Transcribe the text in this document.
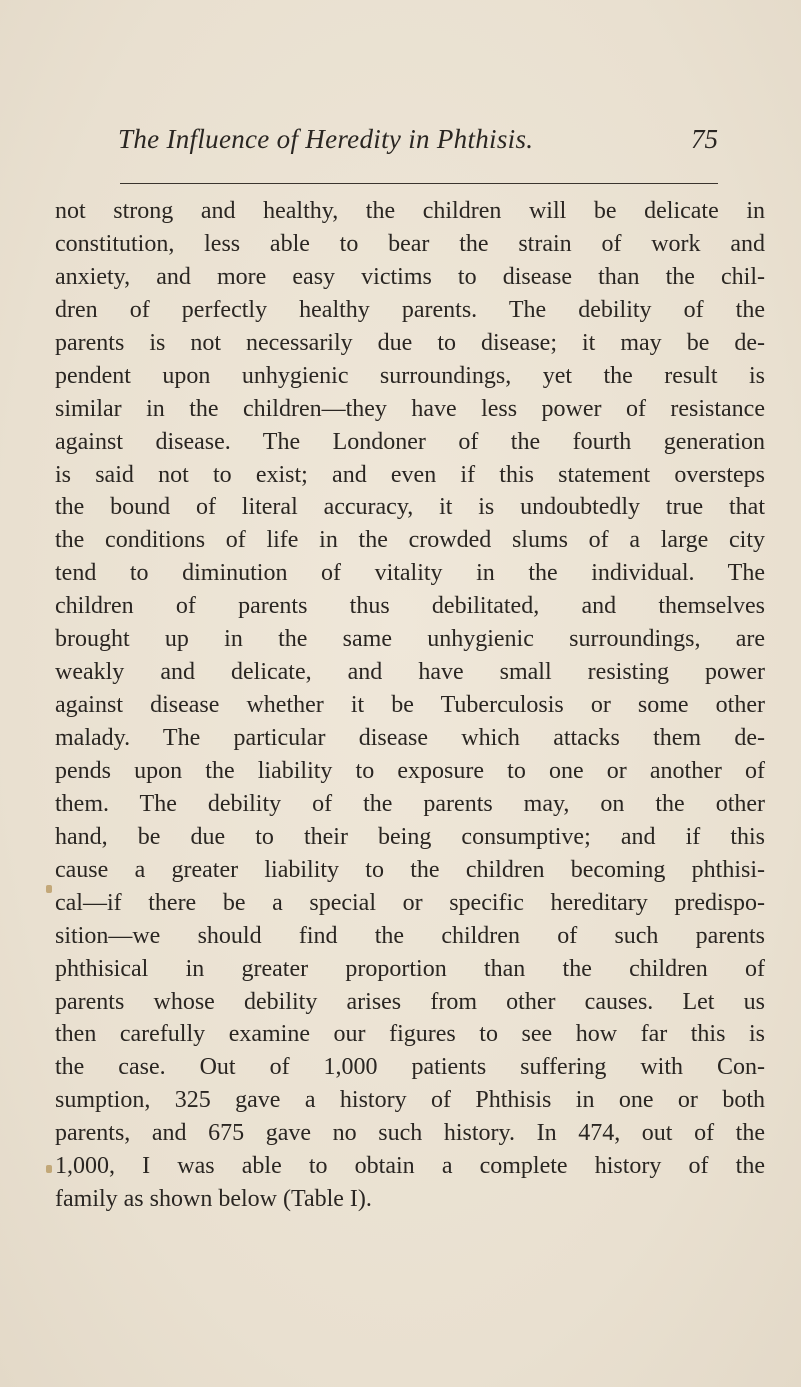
The Influence of Heredity in Phthisis.	75
not strong and healthy, the children will be delicate in
constitution, less able to bear the strain of work and
anxiety, and more easy victims to disease than the chil-
dren of perfectly healthy parents. The debility of the
parents is not necessarily due to disease; it may be de-
pendent upon unhygienic surroundings, yet the result is
similar in the children—they have less power of resistance
against disease. The Londoner of the fourth generation
is said not to exist; and even if this statement oversteps
the bound of literal accuracy, it is undoubtedly true that
the conditions of life in the crowded slums of a large city
tend to diminution of vitality in the individual. The
children of parents thus debilitated, and themselves
brought up in the same unhygienic surroundings, are
weakly and delicate, and have small resisting power
against disease whether it be Tuberculosis or some other
malady. The particular disease which attacks them de-
pends upon the liability to exposure to one or another of
them. The debility of the parents may, on the other
hand, be due to their being consumptive; and if this
cause a greater liability to the children becoming phthisi-
cal—if there be a special or specific hereditary predispo-
sition—we should find the children of such parents
phthisical in greater proportion than the children of
parents whose debility arises from other causes. Let us
then carefully examine our figures to see how far this is
the case. Out of 1,000 patients suffering with Con-
sumption, 325 gave a history of Phthisis in one or both
parents, and 675 gave no such history. In 474, out of the
1,000, I was able to obtain a complete history of the
family as shown below (Table I).
